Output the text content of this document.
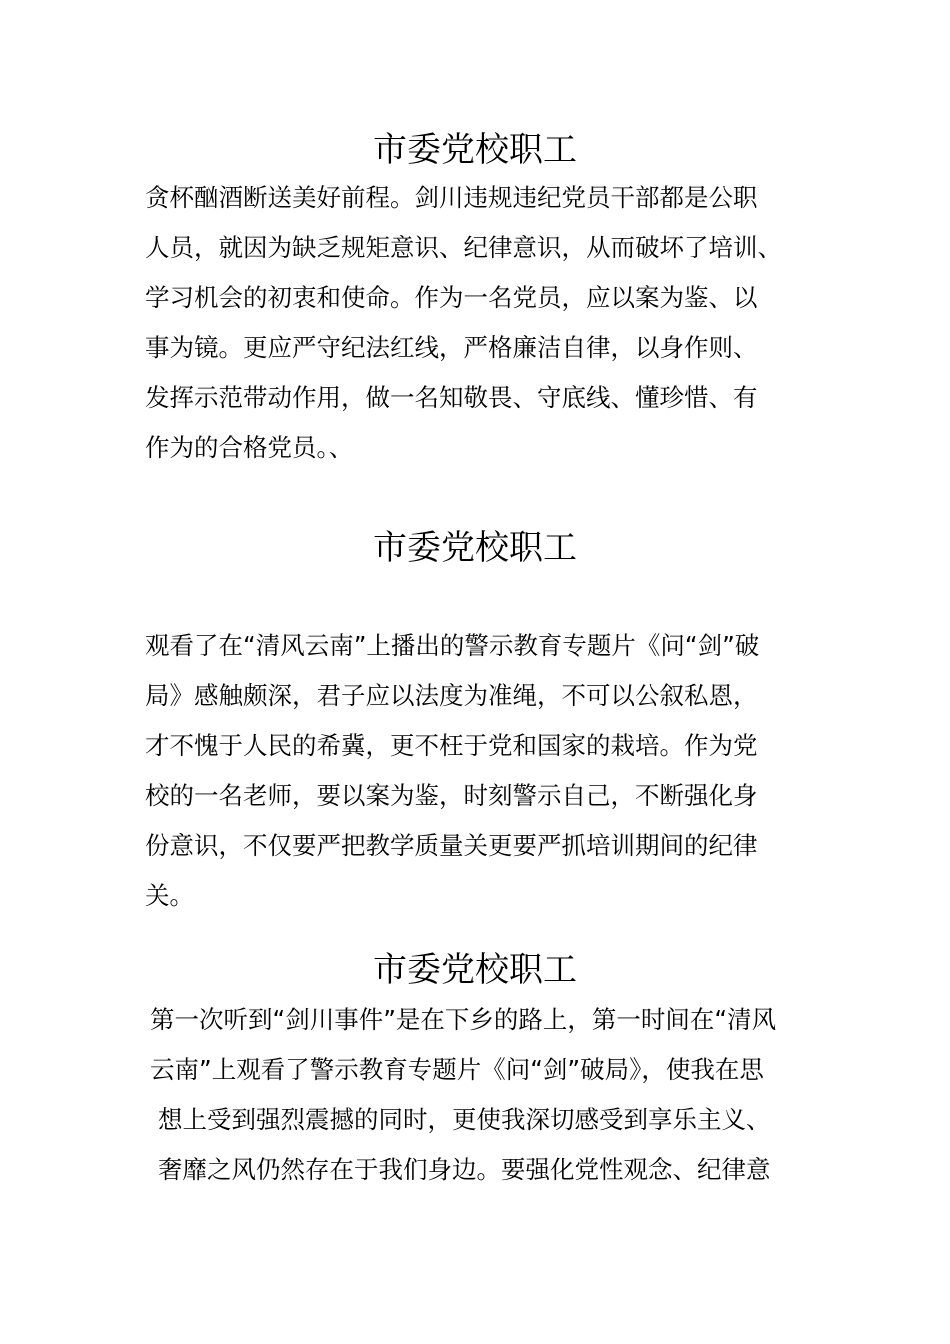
市委党校职工
贪杯酗酒断送美好前程。剑川违规违纪党员干部都是公职
人员，就因为缺乏规矩意识、纪律意识，从而破坏了培训、
学习机会的初衷和使命。作为一名党员，应以案为鉴、以
事为镜。更应严守纪法红线，严格廉洁自律，以身作则、
发挥示范带动作用，做一名知敬畏、守底线、懂珍惜、有
作为的合格党员。、
市委党校职工
观看了在“清风云南”上播出的警示教育专题片《问“剑”破
局》感触颇深，君子应以法度为准绳，不可以公叙私恩，
才不愧于人民的希冀，更不枉于党和国家的栽培。作为党
校的一名老师，要以案为鉴，时刻警示自己，不断强化身
份意识，不仅要严把教学质量关更要严抓培训期间的纪律
关。
市委党校职工
第一次听到“剑川事件”是在下乡的路上，第一时间在“清风
云南”上观看了警示教育专题片《问“剑”破局》，使我在思
想上受到强烈震撼的同时，更使我深切感受到享乐主义、
奢靡之风仍然存在于我们身边。要强化党性观念、纪律意
